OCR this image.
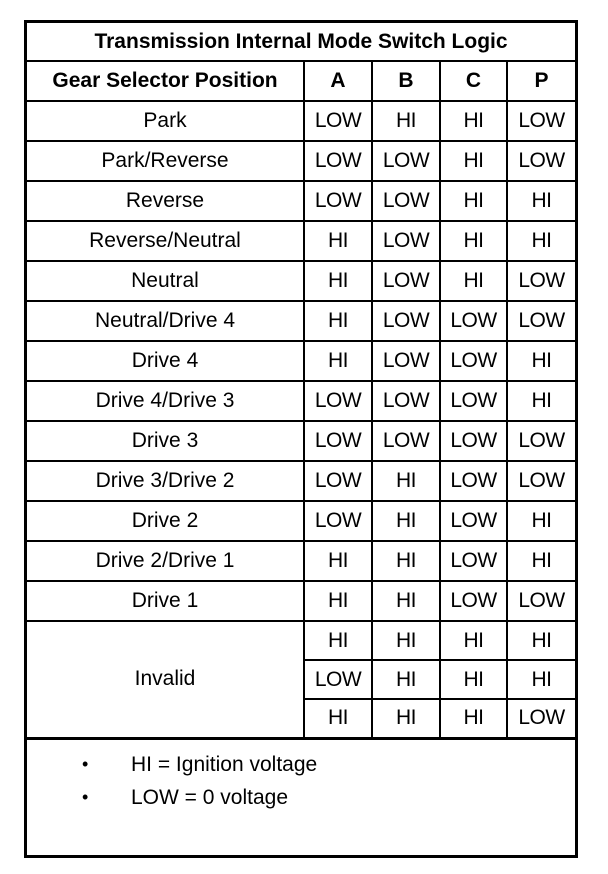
Transmission Internal Mode Switch Logic				
Gear Selector Position	A	B	C	P
Park	LOW	HI	HI	LOW
Park/Reverse	LOW	LOW	HI	LOW
Reverse	LOW	LOW	HI	HI
Reverse/Neutral	HI	LOW	HI	HI
Neutral	HI	LOW	HI	LOW
Neutral/Drive 4	HI	LOW	LOW	LOW
Drive 4	HI	LOW	LOW	HI
Drive 4/Drive 3	LOW	LOW	LOW	HI
Drive 3	LOW	LOW	LOW	LOW
Drive 3/Drive 2	LOW	HI	LOW	LOW
Drive 2	LOW	HI	LOW	HI
Drive 2/Drive 1	HI	HI	LOW	HI
Drive 1	HI	HI	LOW	LOW
Invalid	HI	HI	HI	HI
	LOW	HI	HI	HI
	HI	HI	HI	LOW
• HI = Ignition voltage
• LOW = 0 voltage
